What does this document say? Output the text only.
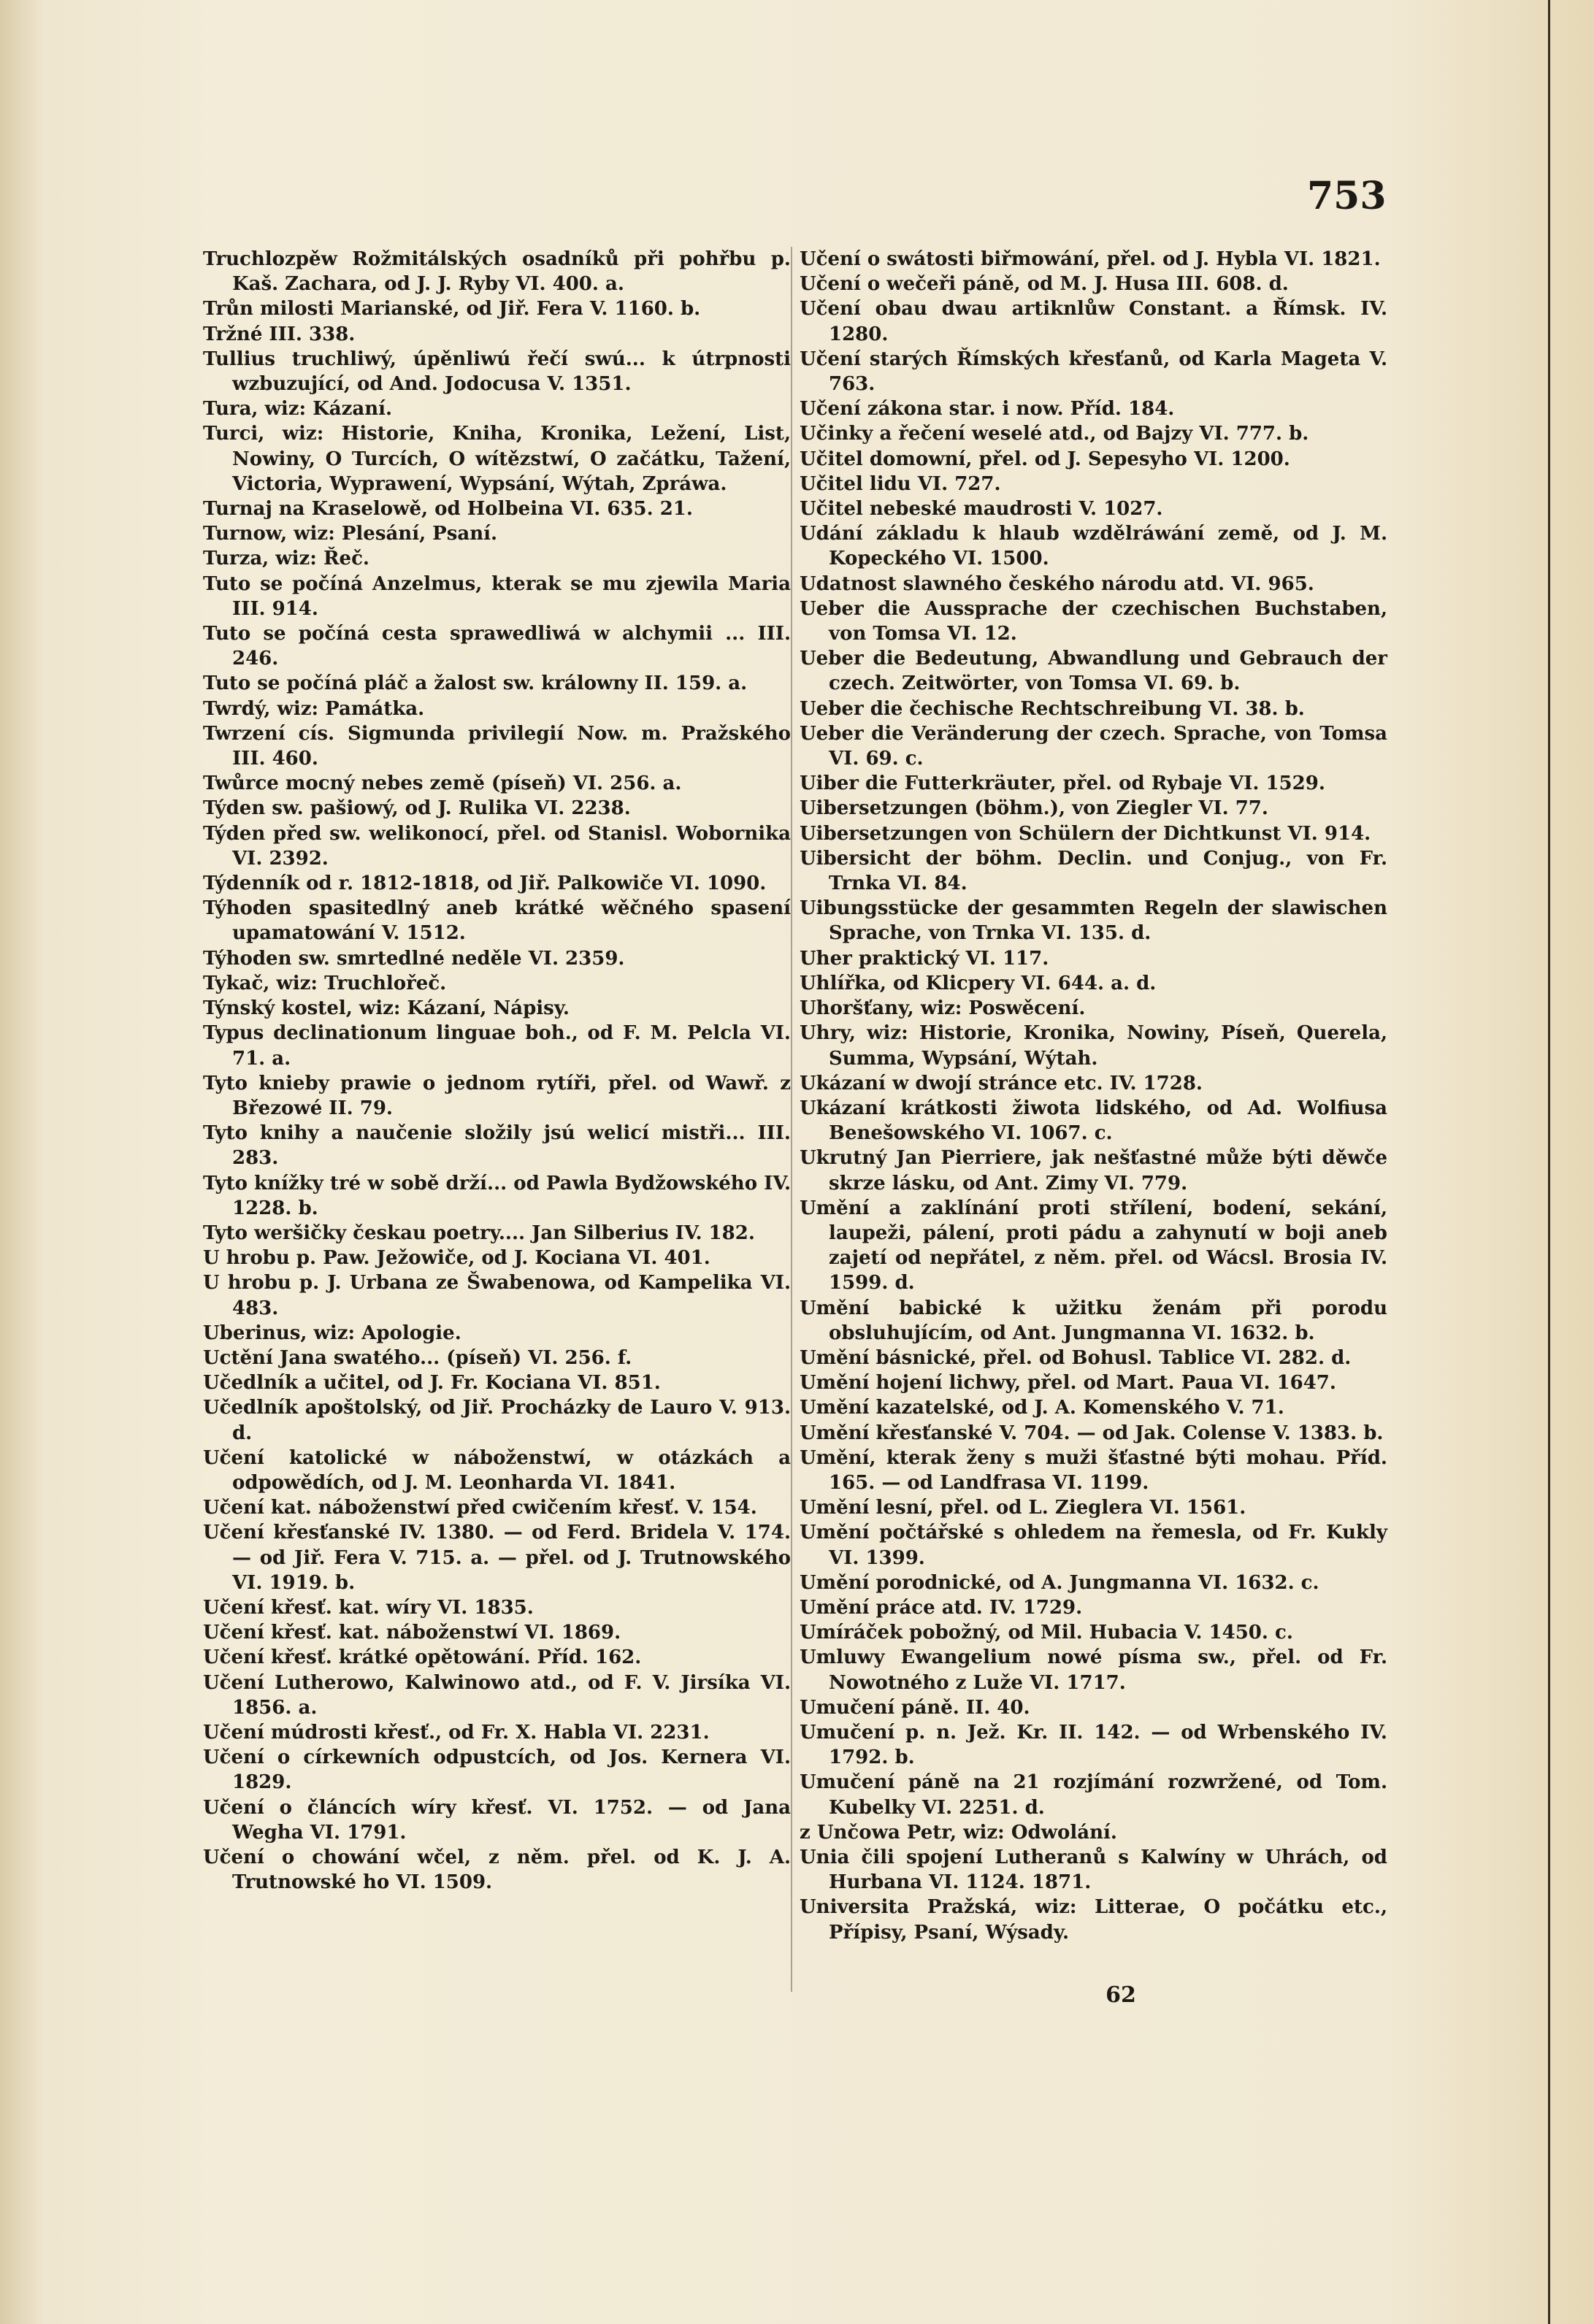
753

Truchlozpěw Rožmitálských osadníků při pohřbu p. Kaš. Zachara, od J. J. Ryby VI. 400. a.

Trůn milosti Marianské, od Jiř. Fera V. 1160. b.

Tržné III. 338.

Tullius truchliwý, úpěnliwú řečí swú... k útrpnosti wzbuzující, od And. Jodocusa V. 1351.

Tura, wiz: Kázaní.

Turci, wiz: Historie, Kniha, Kronika, Ležení, List, Nowiny, O Turcích, O wítězstwí, O začátku, Tažení, Victoria, Wyprawení, Wypsání, Wýtah, Zpráwa.

Turnaj na Kraselowě, od Holbeina VI. 635. 21.

Turnow, wiz: Plesání, Psaní.

Turza, wiz: Řeč.

Tuto se počíná Anzelmus, kterak se mu zjewila Maria III. 914.

Tuto se počíná cesta sprawedliwá w alchymii ... III. 246.

Tuto se počíná pláč a žalost sw. králowny II. 159. a.

Twrdý, wiz: Památka.

Twrzení cís. Sigmunda privilegií Now. m. Pražského III. 460.

Twůrce mocný nebes země (píseň) VI. 256. a.

Týden sw. pašiowý, od J. Rulika VI. 2238.

Týden před sw. welikonocí, přel. od Stanisl. Wobornika VI. 2392.

Týdenník od r. 1812-1818, od Jiř. Palkowiče VI. 1090.

Týhoden spasitedlný aneb krátké wěčného spasení upamatowání V. 1512.

Týhoden sw. smrtedlné neděle VI. 2359.

Tykač, wiz: Truchlořeč.

Týnský kostel, wiz: Kázaní, Nápisy.

Typus declinationum linguae boh., od F. M. Pelcla VI. 71. a.

Tyto knieby prawie o jednom rytíři, přel. od Wawř. z Březowé II. 79.

Tyto knihy a naučenie složily jsú welicí mistři... III. 283.

Tyto knížky tré w sobě drží... od Pawla Bydžowského IV. 1228. b.

Tyto weršičky českau poetry.... Jan Silberius IV. 182.

U hrobu p. Paw. Ježowiče, od J. Kociana VI. 401.

U hrobu p. J. Urbana ze Šwabenowa, od Kampelika VI. 483.

Uberinus, wiz: Apologie.

Uctění Jana swatého... (píseň) VI. 256. f.

Učedlník a učitel, od J. Fr. Kociana VI. 851.

Učedlník apoštolský, od Jiř. Procházky de Lauro V. 913. d.

Učení katolické w náboženstwí, w otázkách a odpowědích, od J. M. Leonharda VI. 1841.

Učení kat. náboženstwí před cwičením křesť. V. 154.

Učení křesťanské IV. 1380. — od Ferd. Bridela V. 174. — od Jiř. Fera V. 715. a. — přel. od J. Trutnowského VI. 1919. b.

Učení křesť. kat. wíry VI. 1835.

Učení křesť. kat. náboženstwí VI. 1869.

Učení křesť. krátké opětowání. Příd. 162.

Učení Lutherowo, Kalwinowo atd., od F. V. Jirsíka VI. 1856. a.

Učení múdrosti křesť., od Fr. X. Habla VI. 2231.

Učení o církewních odpustcích, od Jos. Kernera VI. 1829.

Učení o článcích wíry křesť. VI. 1752. — od Jana Wegha VI. 1791.

Učení o chowání wčel, z něm. přel. od K. J. A. Trutnowské ho VI. 1509.

Učení o swátosti biřmowání, přel. od J. Hybla VI. 1821.

Učení o wečeři páně, od M. J. Husa III. 608. d.

Učení obau dwau artiknlůw Constant. a Římsk. IV. 1280.

Učení starých Římských křesťanů, od Karla Mageta V. 763.

Učení zákona star. i now. Příd. 184.

Učinky a řečení weselé atd., od Bajzy VI. 777. b.

Učitel domowní, přel. od J. Sepesyho VI. 1200.

Učitel lidu VI. 727.

Učitel nebeské maudrosti V. 1027.

Udání základu k hlaub wzdělráwání země, od J. M. Kopeckého VI. 1500.

Udatnost slawného českého národu atd. VI. 965.

Ueber die Aussprache der czechischen Buchstaben, von Tomsa VI. 12.

Ueber die Bedeutung, Abwandlung und Gebrauch der czech. Zeitwörter, von Tomsa VI. 69. b.

Ueber die čechische Rechtschreibung VI. 38. b.

Ueber die Veränderung der czech. Sprache, von Tomsa VI. 69. c.

Uiber die Futterkräuter, přel. od Rybaje VI. 1529.

Uibersetzungen (böhm.), von Ziegler VI. 77.

Uibersetzungen von Schülern der Dichtkunst VI. 914.

Uibersicht der böhm. Declin. und Conjug., von Fr. Trnka VI. 84.

Uibungsstücke der gesammten Regeln der slawischen Sprache, von Trnka VI. 135. d.

Uher praktický VI. 117.

Uhlířka, od Klicpery VI. 644. a. d.

Uhoršťany, wiz: Poswěcení.

Uhry, wiz: Historie, Kronika, Nowiny, Píseň, Querela, Summa, Wypsání, Wýtah.

Ukázaní w dwojí stránce etc. IV. 1728.

Ukázaní krátkosti žiwota lidského, od Ad. Wolfiusa Benešowského VI. 1067. c.

Ukrutný Jan Pierriere, jak nešťastné může býti děwče skrze lásku, od Ant. Zimy VI. 779.

Umění a zaklínání proti střílení, bodení, sekání, laupeži, pálení, proti pádu a zahynutí w boji aneb zajetí od nepřátel, z něm. přel. od Wácsl. Brosia IV. 1599. d.

Umění babické k užitku ženám při porodu obsluhujícím, od Ant. Jungmanna VI. 1632. b.

Umění básnické, přel. od Bohusl. Tablice VI. 282. d.

Umění hojení lichwy, přel. od Mart. Paua VI. 1647.

Umění kazatelské, od J. A. Komenského V. 71.

Umění křesťanské V. 704. — od Jak. Colense V. 1383. b.

Umění, kterak ženy s muži šťastné býti mohau. Příd. 165. — od Landfrasa VI. 1199.

Umění lesní, přel. od L. Zieglera VI. 1561.

Umění počtářské s ohledem na řemesla, od Fr. Kukly VI. 1399.

Umění porodnické, od A. Jungmanna VI. 1632. c.

Umění práce atd. IV. 1729.

Umíráček pobožný, od Mil. Hubacia V. 1450. c.

Umluwy Ewangelium nowé písma sw., přel. od Fr. Nowotného z Luže VI. 1717.

Umučení páně. II. 40.

Umučení p. n. Jež. Kr. II. 142. — od Wrbenského IV. 1792. b.

Umučení páně na 21 rozjímání rozwržené, od Tom. Kubelky VI. 2251. d.

z Unčowa Petr, wiz: Odwolání.

Unia čili spojení Lutheranů s Kalwíny w Uhrách, od Hurbana VI. 1124. 1871.

Universita Pražská, wiz: Litterae, O počátku etc., Přípisy, Psaní, Wýsady.

62
